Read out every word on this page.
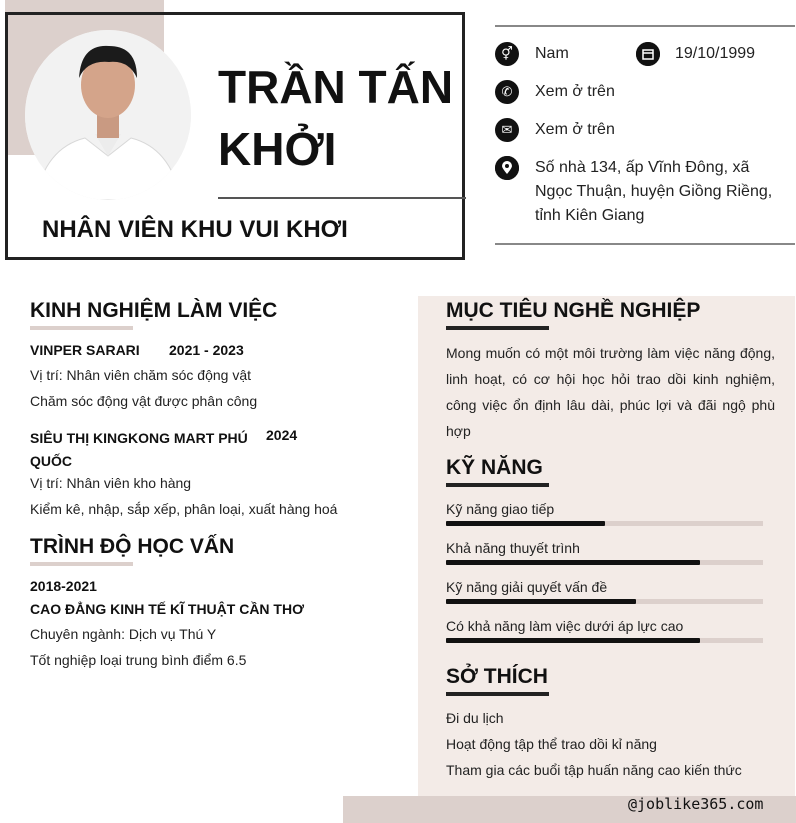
TRẦN TẤN
KHỞI
NHÂN VIÊN KHU VUI KHƠI
⚥	Nam	19/10/1999
✆	Xem ở trên
✉	Xem ở trên
Số nhà 134, ấp Vĩnh Đông, xã
Ngọc Thuận, huyện Giồng Riềng,
tỉnh Kiên Giang
KINH NGHIỆM LÀM VIỆC
VINPER SARARI 2021 - 2023
Vị trí: Nhân viên chăm sóc động vật
Chăm sóc động vật được phân công
SIÊU THỊ KINGKONG MART PHÚ
QUỐC
2024
Vị trí: Nhân viên kho hàng
Kiểm kê, nhập, sắp xếp, phân loại, xuất hàng hoá
TRÌNH ĐỘ HỌC VẤN
2018-2021
CAO ĐẲNG KINH TẾ KĨ THUẬT CẦN THƠ
Chuyên ngành: Dịch vụ Thú Y
Tốt nghiệp loại trung bình điểm 6.5
MỤC TIÊU NGHỀ NGHIỆP
Mong muốn có một môi trường làm việc năng động, linh hoạt, có cơ hội học hỏi trao dồi kinh nghiệm, công việc ổn định lâu dài, phúc lợi và đãi ngộ phù hợp
KỸ NĂNG
Kỹ năng giao tiếp
Khả năng thuyết trình
Kỹ năng giải quyết vấn đề
Có khả năng làm việc dưới áp lực cao
SỞ THÍCH
Đi du lịch
Hoạt động tập thể trao dồi kỉ năng
Tham gia các buổi tập huấn năng cao kiến thức
@joblike365.com
